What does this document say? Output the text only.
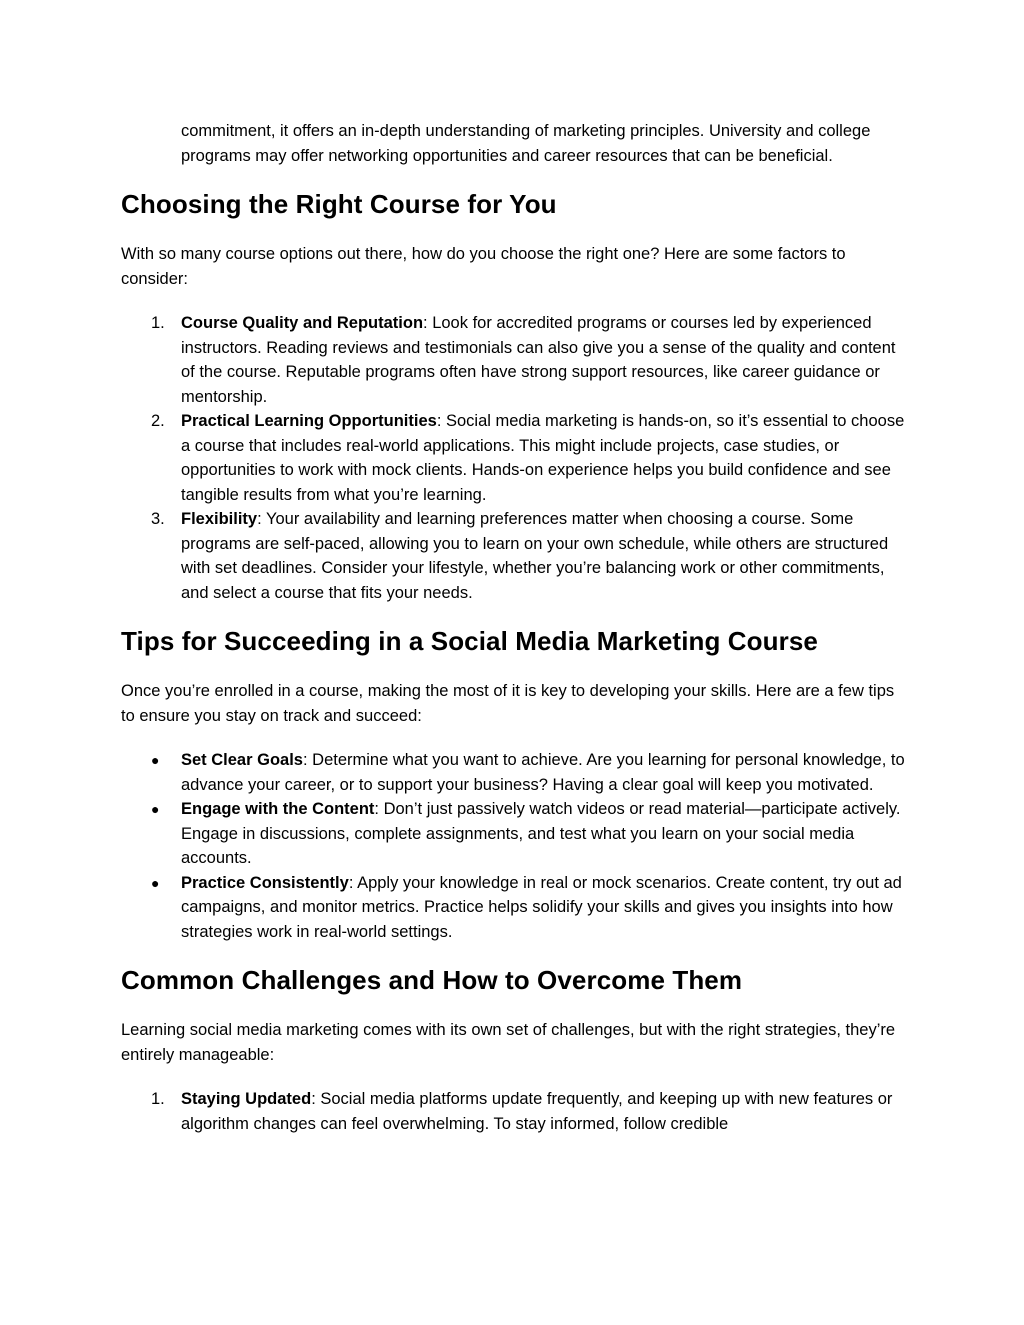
commitment, it offers an in-depth understanding of marketing principles. University and college programs may offer networking opportunities and career resources that can be beneficial.

Choosing the Right Course for You

With so many course options out there, how do you choose the right one? Here are some factors to consider:

1. Course Quality and Reputation: Look for accredited programs or courses led by experienced instructors. Reading reviews and testimonials can also give you a sense of the quality and content of the course. Reputable programs often have strong support resources, like career guidance or mentorship.
2. Practical Learning Opportunities: Social media marketing is hands-on, so it’s essential to choose a course that includes real-world applications. This might include projects, case studies, or opportunities to work with mock clients. Hands-on experience helps you build confidence and see tangible results from what you’re learning.
3. Flexibility: Your availability and learning preferences matter when choosing a course. Some programs are self-paced, allowing you to learn on your own schedule, while others are structured with set deadlines. Consider your lifestyle, whether you’re balancing work or other commitments, and select a course that fits your needs.
Tips for Succeeding in a Social Media Marketing Course

Once you’re enrolled in a course, making the most of it is key to developing your skills. Here are a few tips to ensure you stay on track and succeed:

●	Set Clear Goals: Determine what you want to achieve. Are you learning for personal knowledge, to advance your career, or to support your business? Having a clear goal will keep you motivated.
●	Engage with the Content: Don’t just passively watch videos or read material—participate actively. Engage in discussions, complete assignments, and test what you learn on your social media accounts.
●	Practice Consistently: Apply your knowledge in real or mock scenarios. Create content, try out ad campaigns, and monitor metrics. Practice helps solidify your skills and gives you insights into how strategies work in real-world settings.
Common Challenges and How to Overcome Them

Learning social media marketing comes with its own set of challenges, but with the right strategies, they’re entirely manageable:

1. Staying Updated: Social media platforms update frequently, and keeping up with new features or algorithm changes can feel overwhelming. To stay informed, follow credible
